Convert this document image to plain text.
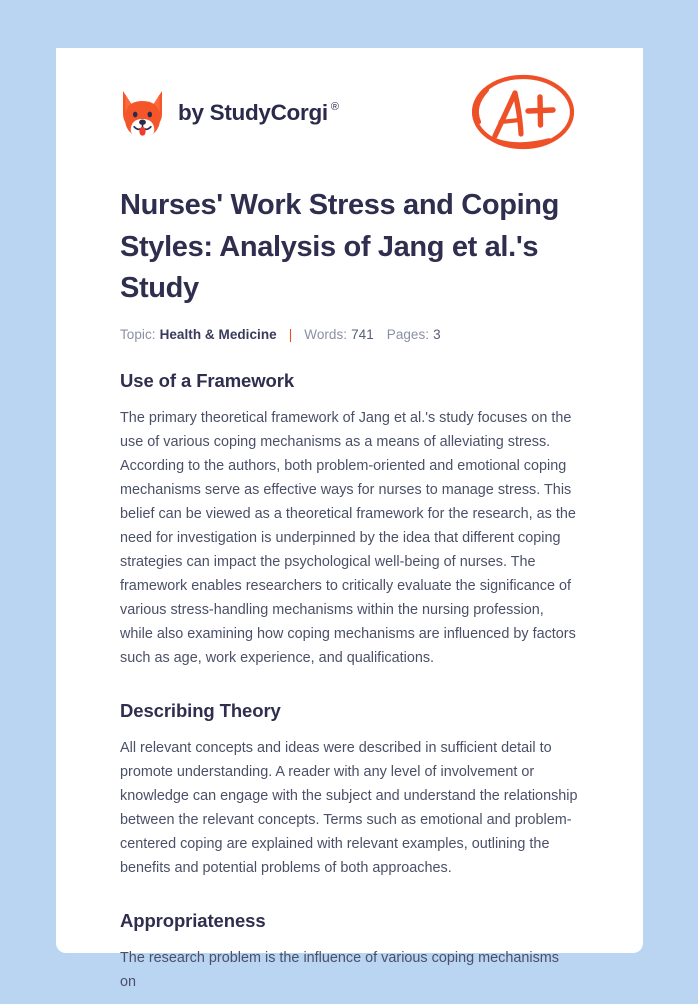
by StudyCorgi ®
Nurses' Work Stress and Coping Styles: Analysis of Jang et al.'s Study
Topic: Health & Medicine | Words: 741 Pages: 3
Use of a Framework

The primary theoretical framework of Jang et al.'s study focuses on the use of various coping mechanisms as a means of alleviating stress. According to the authors, both problem-oriented and emotional coping mechanisms serve as effective ways for nurses to manage stress. This belief can be viewed as a theoretical framework for the research, as the need for investigation is underpinned by the idea that different coping strategies can impact the psychological well-being of nurses. The framework enables researchers to critically evaluate the significance of various stress-handling mechanisms within the nursing profession, while also examining how coping mechanisms are influenced by factors such as age, work experience, and qualifications.

Describing Theory

All relevant concepts and ideas were described in sufficient detail to promote understanding. A reader with any level of involvement or knowledge can engage with the subject and understand the relationship between the relevant concepts. Terms such as emotional and problem-centered coping are explained with relevant examples, outlining the benefits and potential problems of both approaches.

Appropriateness

The research problem is the influence of various coping mechanisms on
